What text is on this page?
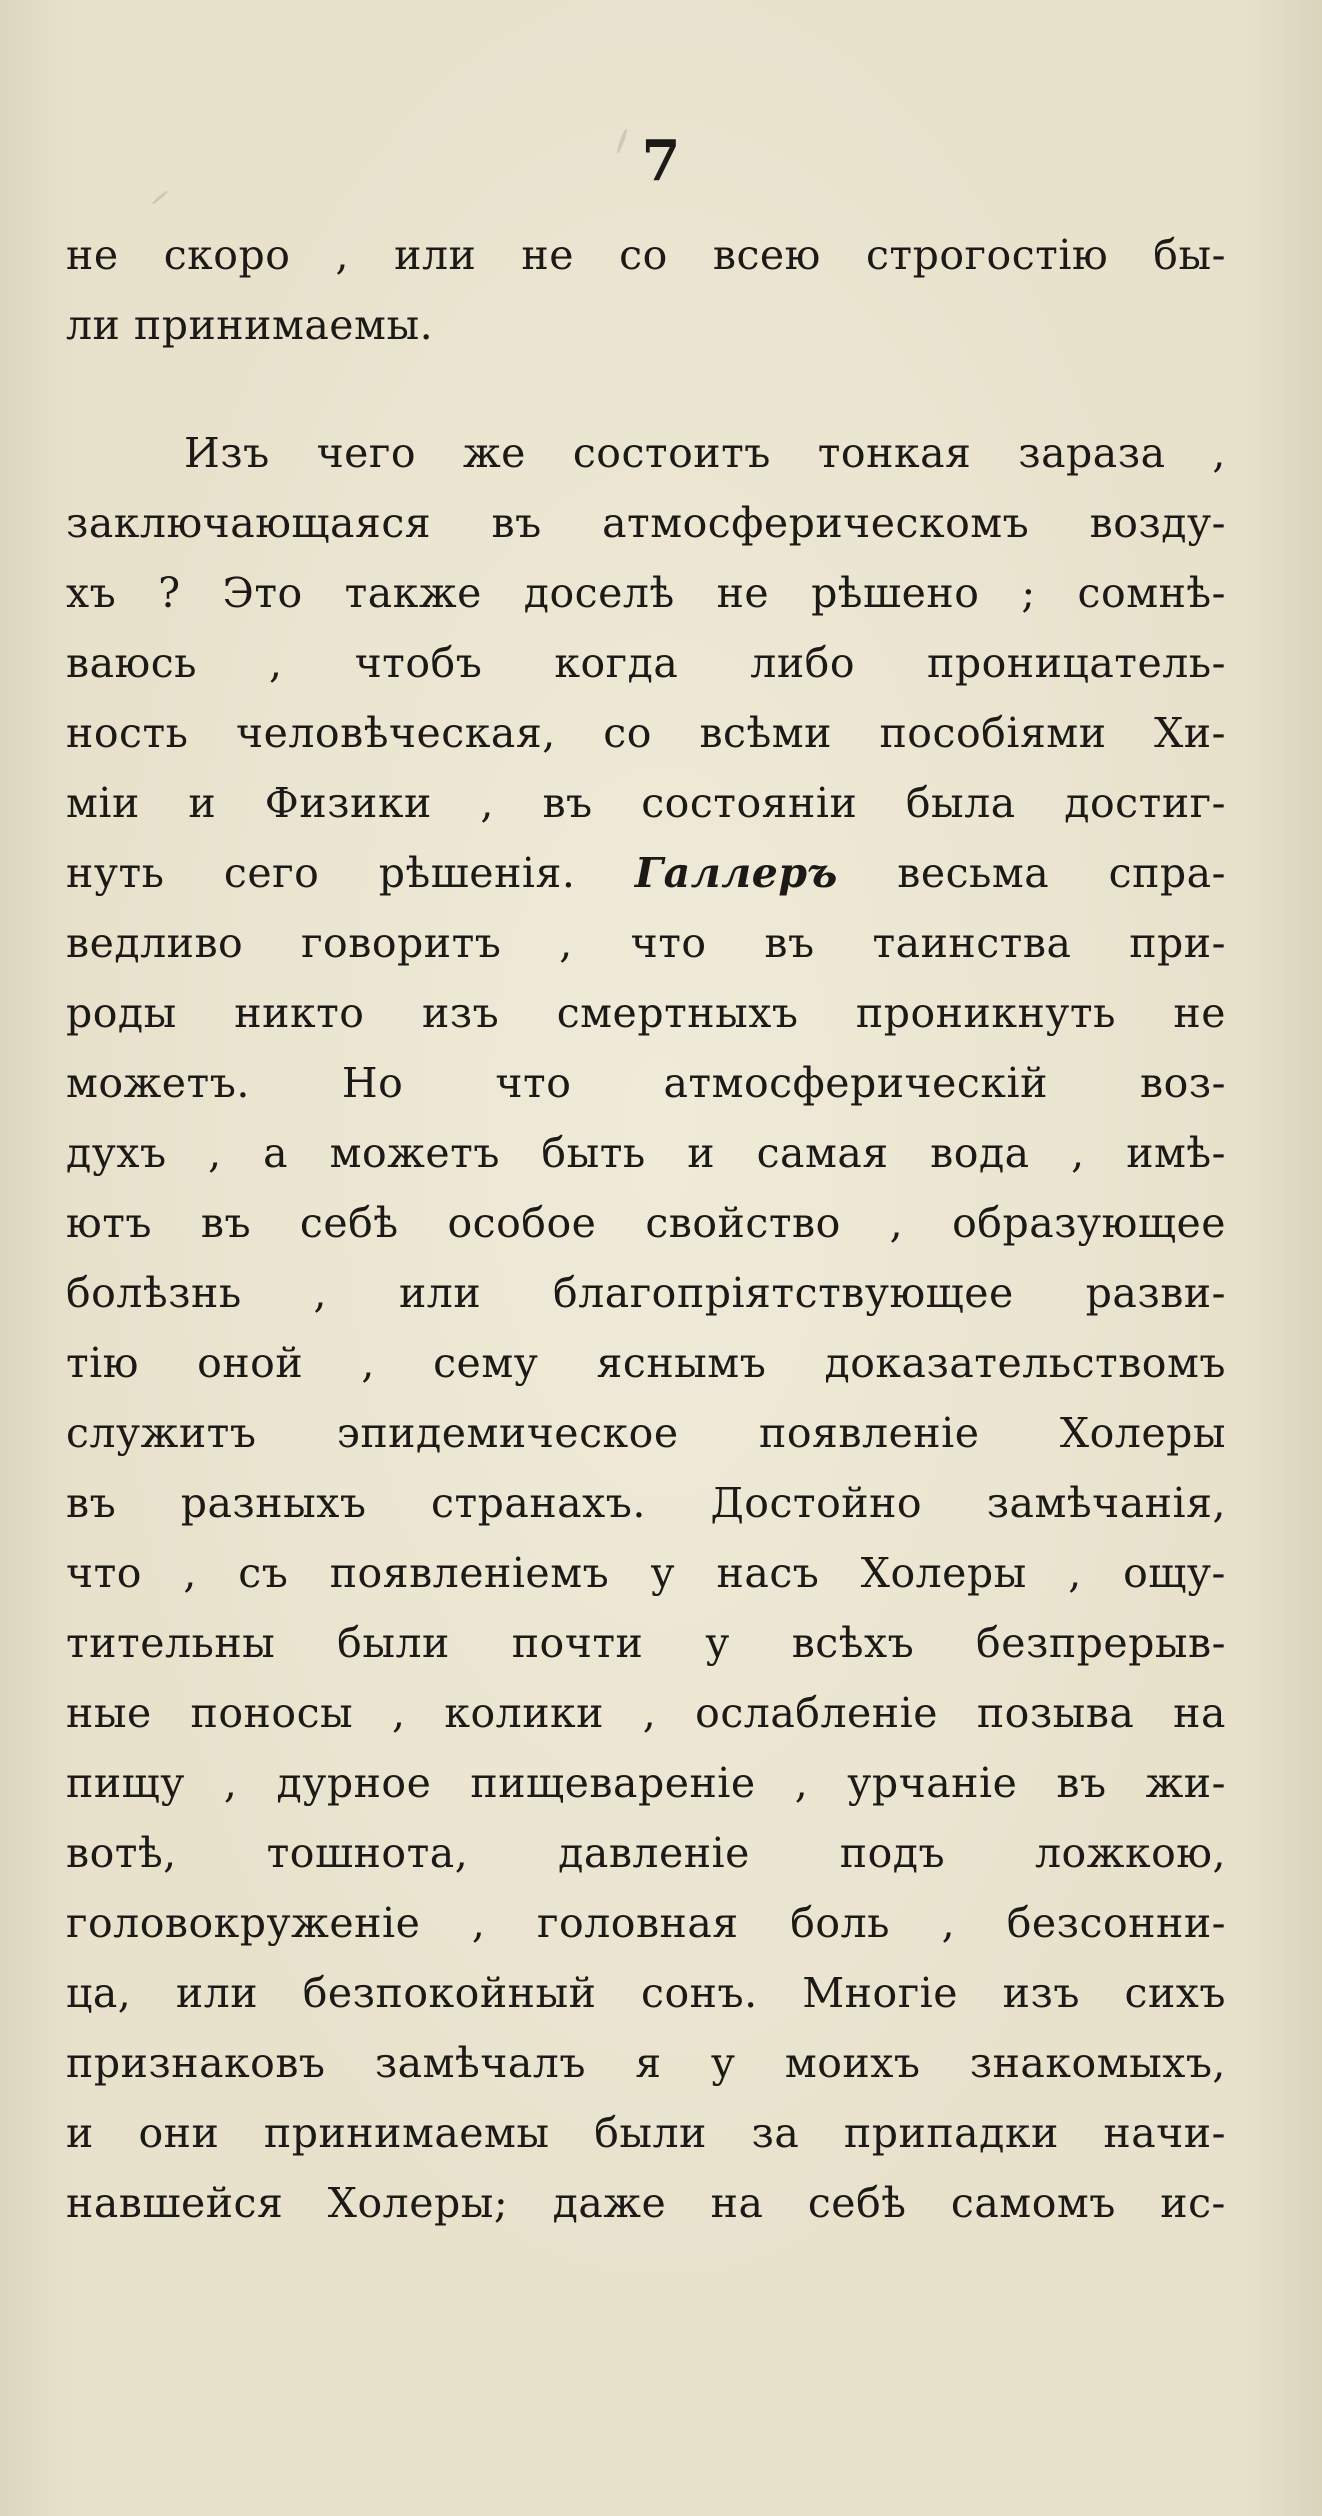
7
не скоро , или не со всею строгостію бы-
ли принимаемы.
Изъ чего же состоитъ тонкая зараза ,
заключающаяся въ атмосферическомъ возду-
хъ ? Это также доселѣ не рѣшено ; сомнѣ-
ваюсь , чтобъ когда либо проницатель-
ность человѣческая, со всѣми пособіями Хи-
міи и Физики , въ состояніи была достиг-
нуть сего рѣшенія. Галлеръ весьма спра-
ведливо говоритъ , что въ таинства при-
роды никто изъ смертныхъ проникнуть не
можетъ. Но что атмосферическій воз-
духъ , а можетъ быть и самая вода , имѣ-
ютъ въ себѣ особое свойство , образующее
болѣзнь , или благопріятствующее разви-
тію оной , сему яснымъ доказательствомъ
служитъ эпидемическое появленіе Холеры
въ разныхъ странахъ. Достойно замѣчанія,
что , съ появленіемъ у насъ Холеры , ощу-
тительны были почти у всѣхъ безпрерыв-
ные поносы , колики , ослабленіе позыва на
пищу , дурное пищевареніе , урчаніе въ жи-
вотѣ, тошнота, давленіе подъ ложкою,
головокруженіе , головная боль , безсонни-
ца, или безпокойный сонъ. Многіе изъ сихъ
признаковъ замѣчалъ я у моихъ знакомыхъ,
и они принимаемы были за припадки начи-
навшейся Холеры; даже на себѣ самомъ ис-
